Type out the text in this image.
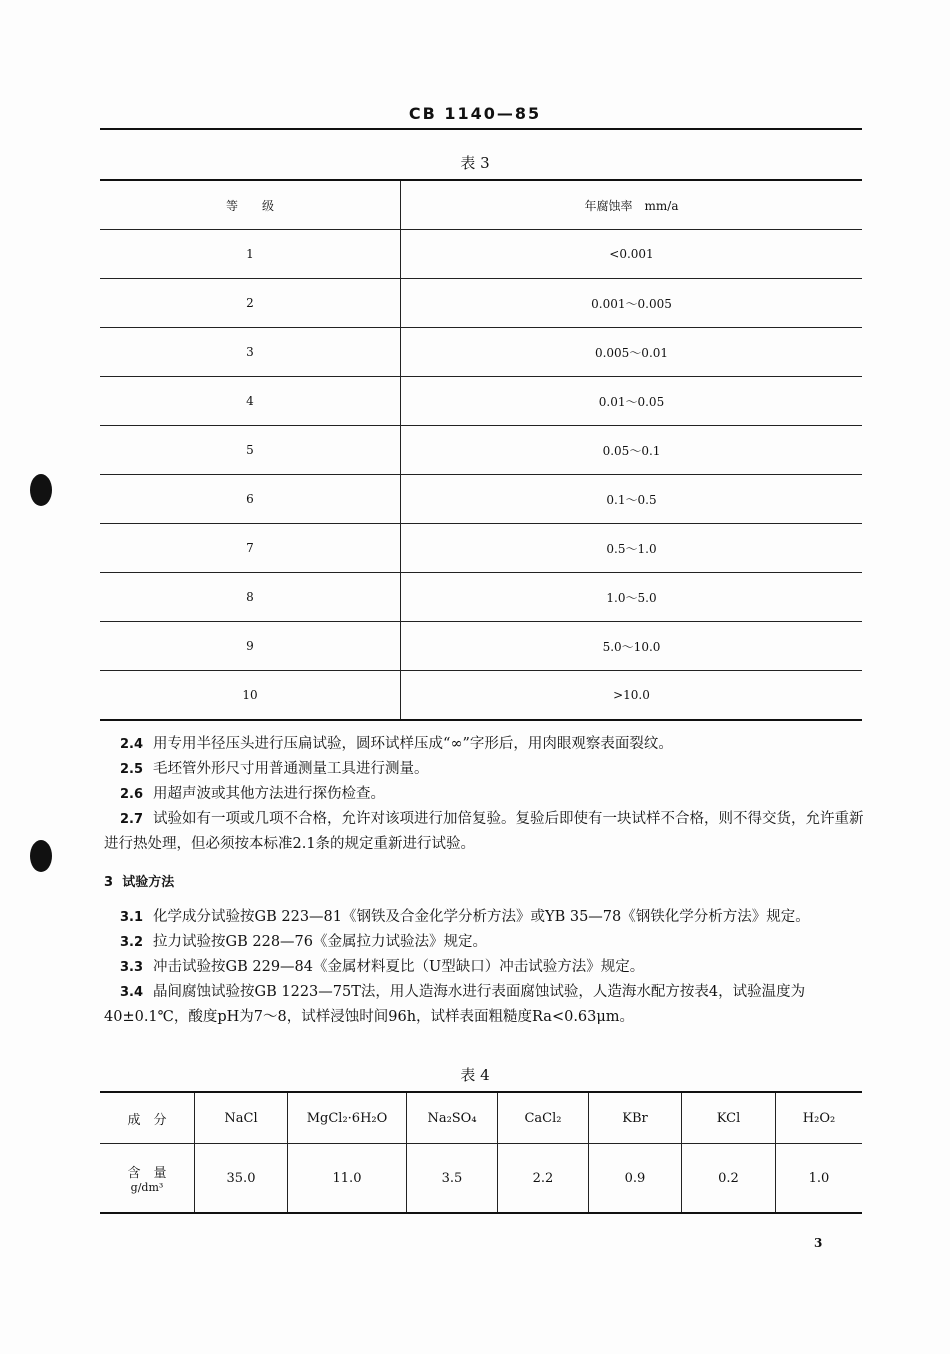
CB 1140—85
表 3
等　　级	年腐蚀率　mm/a
1	<0.001
2	0.001～0.005
3	0.005～0.01
4	0.01～0.05
5	0.05～0.1
6	0.1～0.5
7	0.5～1.0
8	1.0～5.0
9	5.0～10.0
10	>10.0
2.4 用专用半径压头进行压扁试验，圆环试样压成“∞”字形后，用肉眼观察表面裂纹。
2.5 毛坯管外形尺寸用普通测量工具进行测量。
2.6 用超声波或其他方法进行探伤检查。
2.7 试验如有一项或几项不合格，允许对该项进行加倍复验。复验后即使有一块试样不合格，则不得交货，允许重新进行热处理，但必须按本标准2.1条的规定重新进行试验。
3 试验方法
3.1 化学成分试验按GB 223—81《钢铁及合金化学分析方法》或YB 35—78《钢铁化学分析方法》规定。
3.2 拉力试验按GB 228—76《金属拉力试验法》规定。
3.3 冲击试验按GB 229—84《金属材料夏比（U型缺口）冲击试验方法》规定。
3.4 晶间腐蚀试验按GB 1223—75T法，用人造海水进行表面腐蚀试验，人造海水配方按表4，试验温度为40±0.1℃，酸度pH为7～8，试样浸蚀时间96h，试样表面粗糙度Ra<0.63μm。
表 4
成　分	NaCl	MgCl₂·6H₂O	Na₂SO₄	CaCl₂	KBr	KCl	H₂O₂

含　量
g/dm³	35.0	11.0	3.5	2.2	0.9	0.2	1.0
3
